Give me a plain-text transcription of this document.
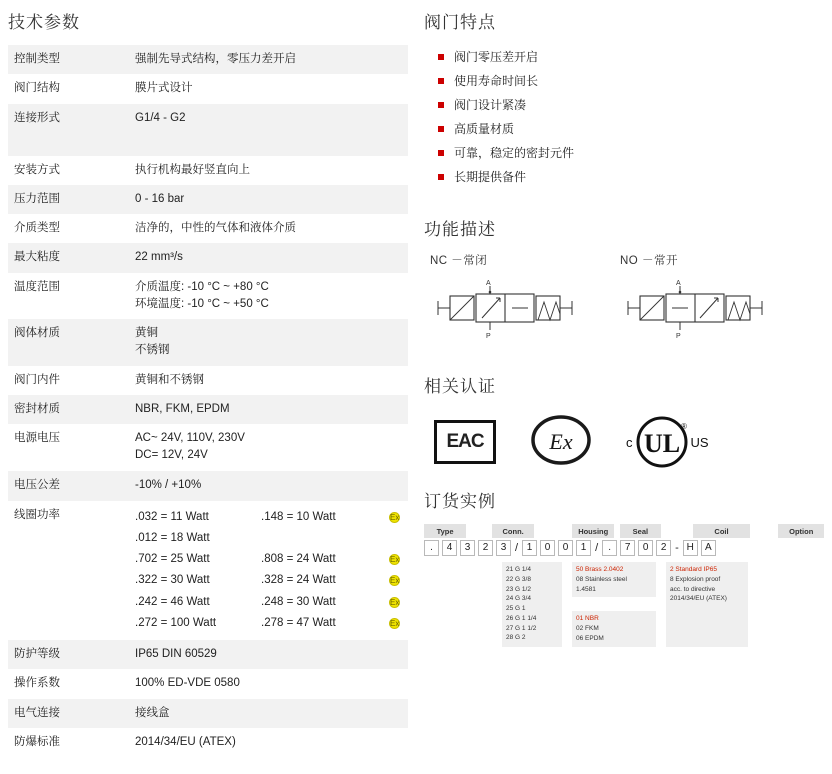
技术参数
控制类型	强制先导式结构，零压力差开启
阀门结构	膜片式设计
连接形式	G1/4 - G2
安装方式	执行机构最好竖直向上
压力范围	0 - 16 bar
介质类型	洁净的，中性的气体和液体介质
最大粘度	22 mm³/s
温度范围	介质温度: -10 °C ~ +80 °C
环境温度: -10 °C ~ +50 °C

阀体材质	黄铜
不锈钢

阀门内件	黄铜和不锈钢
密封材质	NBR, FKM, EPDM
电源电压	AC~ 24V, 110V, 230V
DC= 12V, 24V

电压公差	-10% / +10%
线圈功率	.032 = 11 Watt	.148 = 10 Watt	Ex
.012 = 18 Watt
.702 = 25 Watt	.808 = 24 Watt	Ex
.322 = 30 Watt	.328 = 24 Watt	Ex
.242 = 46 Watt	.248 = 30 Watt	Ex
.272 = 100 Watt	.278 = 47 Watt	Ex

防护等级	IP65 DIN 60529
操作系数	100% ED-VDE 0580
电气连接	接线盒
防爆标准	2014/34/EU (ATEX)
阀门特点
阀门零压差开启
使用寿命时间长
阀门设计紧凑
高质量材质
可靠，稳定的密封元件
长期提供备件
功能描述
NC －常闭
A
P
NO －常开
A
P
相关认证
EAC	Ex	c UL
®
US
订货实例
Type	Conn.	Housing	Seal	Coil	Option
.	4	3	2	3 / 1	0	0	1 /	.	7	0	2 - H	A
21 G 1/4
22 G 3/8
23 G 1/2
24 G 3/4
25 G 1
26 G 1 1/4
27 G 1 1/2
28 G 2
50 Brass 2.0402
08 Stainless steel
1.4581
01 NBR
02 FKM
06 EPDM
2 Standard IP65
8 Explosion proof
acc. to directive
2014/34/EU (ATEX)
